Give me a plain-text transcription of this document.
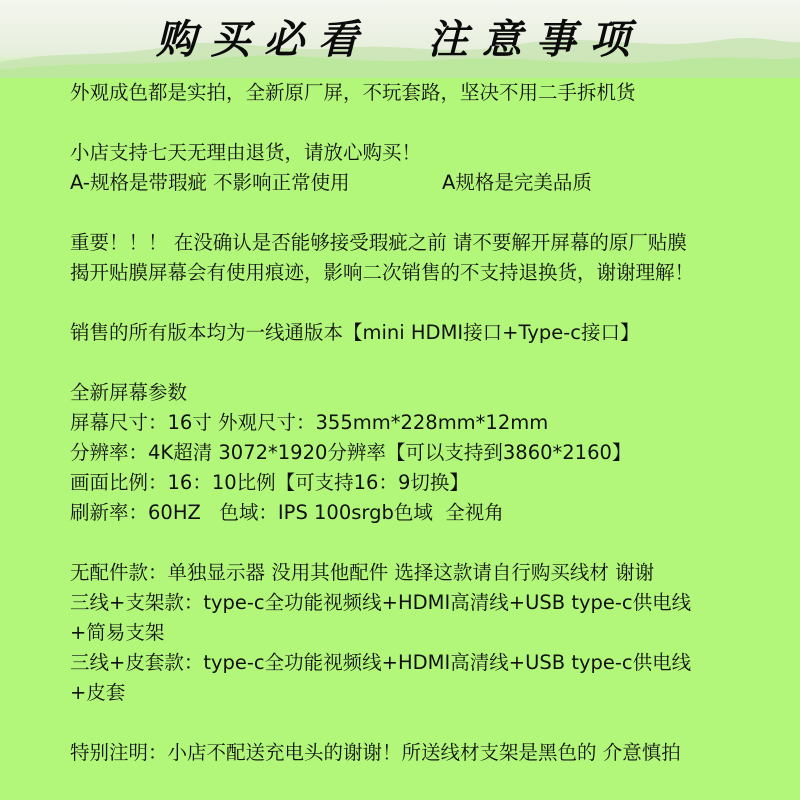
购买必看  注意事项
外观成色都是实拍，全新原厂屏，不玩套路，坚决不用二手拆机货
小店支持七天无理由退货，请放心购买！
A-规格是带瑕疵 不影响正常使用	A规格是完美品质
重要！！！ 在没确认是否能够接受瑕疵之前 请不要解开屏幕的原厂贴膜
揭开贴膜屏幕会有使用痕迹，影响二次销售的不支持退换货，谢谢理解！
销售的所有版本均为一线通版本【mini HDMI接口+Type-c接口】
全新屏幕参数
屏幕尺寸：16寸 外观尺寸：355mm*228mm*12mm
分辨率：4K超清 3072*1920分辨率【可以支持到3860*2160】
画面比例：16：10比例【可支持16：9切换】
刷新率：60HZ   色域：IPS 100srgb色域  全视角
无配件款：单独显示器 没用其他配件 选择这款请自行购买线材 谢谢
三线+支架款：type-c全功能视频线+HDMI高清线+USB type-c供电线
+简易支架
三线+皮套款：type-c全功能视频线+HDMI高清线+USB type-c供电线
+皮套
特别注明：小店不配送充电头的谢谢！所送线材支架是黑色的 介意慎拍
